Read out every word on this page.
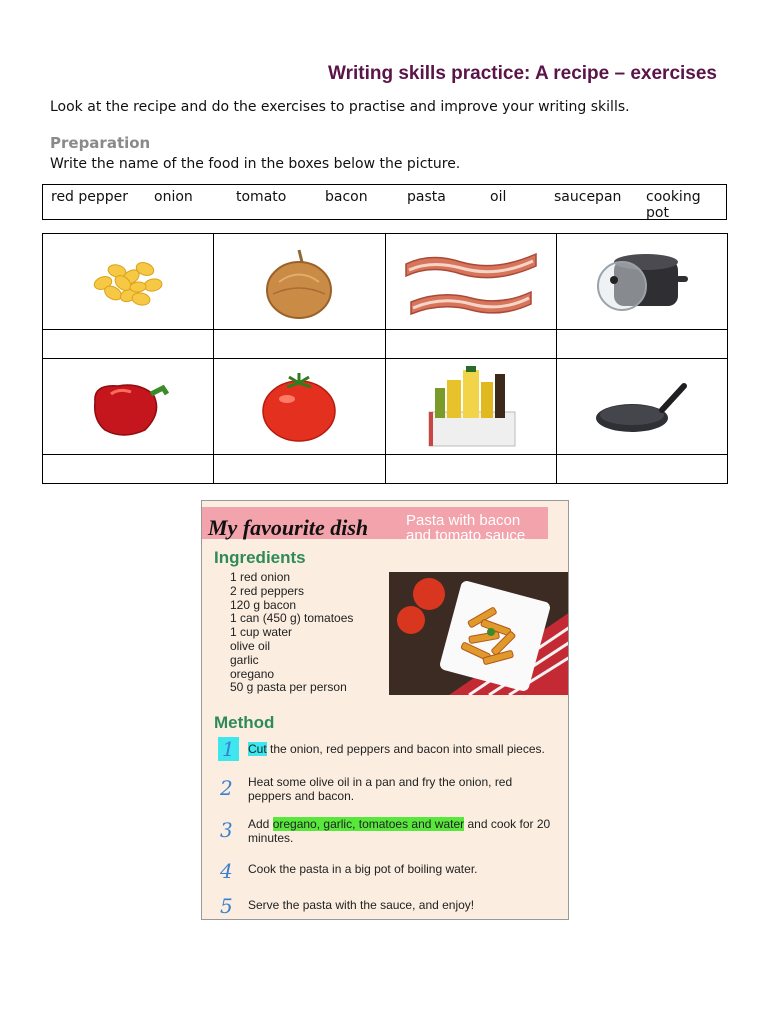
Writing skills practice: A recipe – exercises
Look at the recipe and do the exercises to practise and improve your writing skills.
Preparation
Write the name of the food in the boxes below the picture.
red pepper onion	tomato	bacon	pasta	oil	saucepan cooking pot

My favourite dish	Pasta with bacon
and tomato sauce
Ingredients
1 red onion
2 red peppers
120 g bacon
1 can (450 g) tomatoes
1 cup water
olive oil
garlic
oregano
50 g pasta per person
Method
1	Cut the onion, red peppers and bacon into small pieces.
2 Heat some olive oil in a pan and fry the onion, red peppers and bacon.
3 Add oregano, garlic, tomatoes and water and cook for 20 minutes.
4 Cook the pasta in a big pot of boiling water.
5 Serve the pasta with the sauce, and enjoy!
